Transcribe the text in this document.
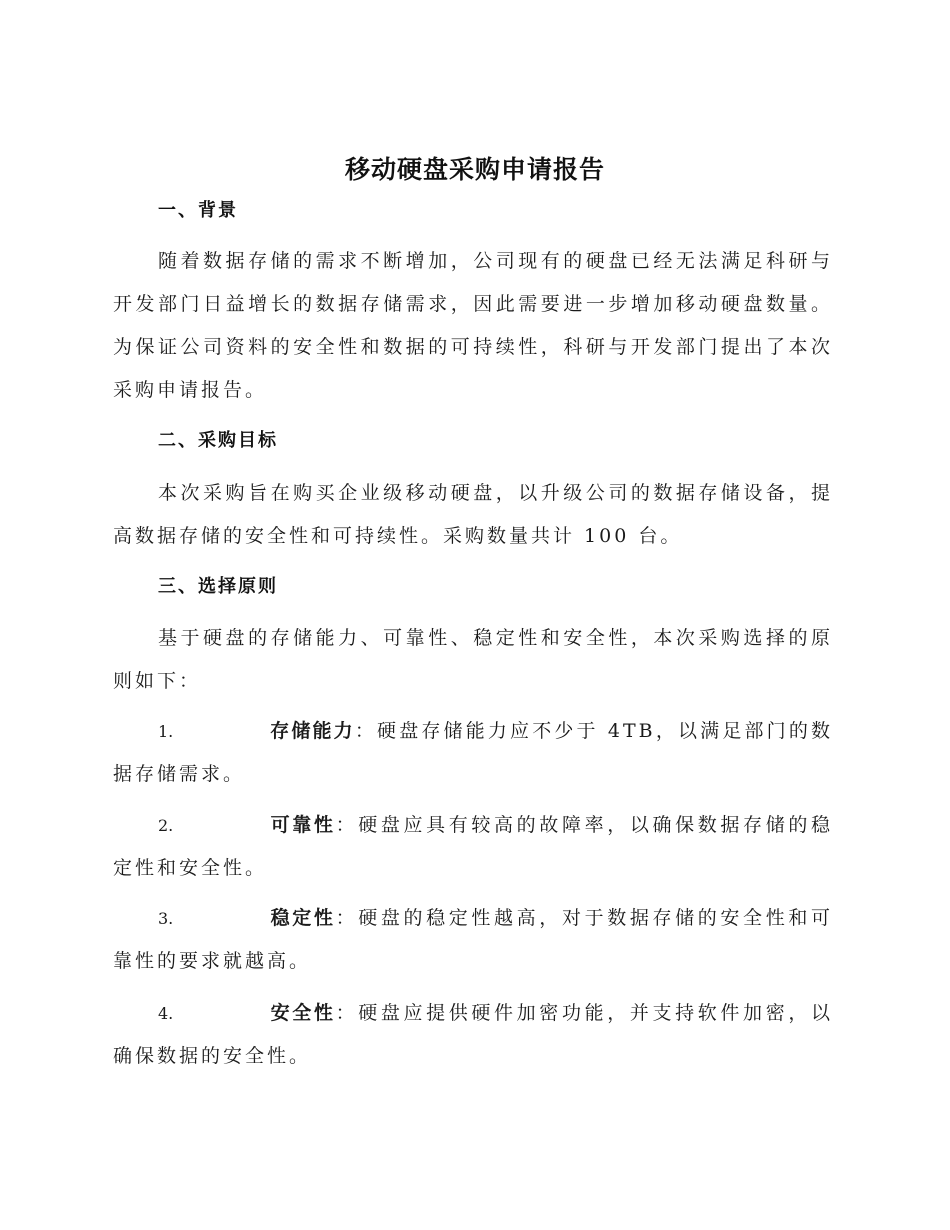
移动硬盘采购申请报告
一、背景

随着数据存储的需求不断增加，公司现有的硬盘已经无法满足科研与开发部门日益增长的数据存储需求，因此需要进一步增加移动硬盘数量。为保证公司资料的安全性和数据的可持续性，科研与开发部门提出了本次采购申请报告。

二、采购目标

本次采购旨在购买企业级移动硬盘，以升级公司的数据存储设备，提高数据存储的安全性和可持续性。采购数量共计 100 台。

三、选择原则

基于硬盘的存储能力、可靠性、稳定性和安全性，本次采购选择的原则如下：

1.	存储能力：硬盘存储能力应不少于 4TB，以满足部门的数据存储需求。

2.	可靠性：硬盘应具有较高的故障率，以确保数据存储的稳定性和安全性。

3.	稳定性：硬盘的稳定性越高，对于数据存储的安全性和可靠性的要求就越高。

4.	安全性：硬盘应提供硬件加密功能，并支持软件加密，以确保数据的安全性。
